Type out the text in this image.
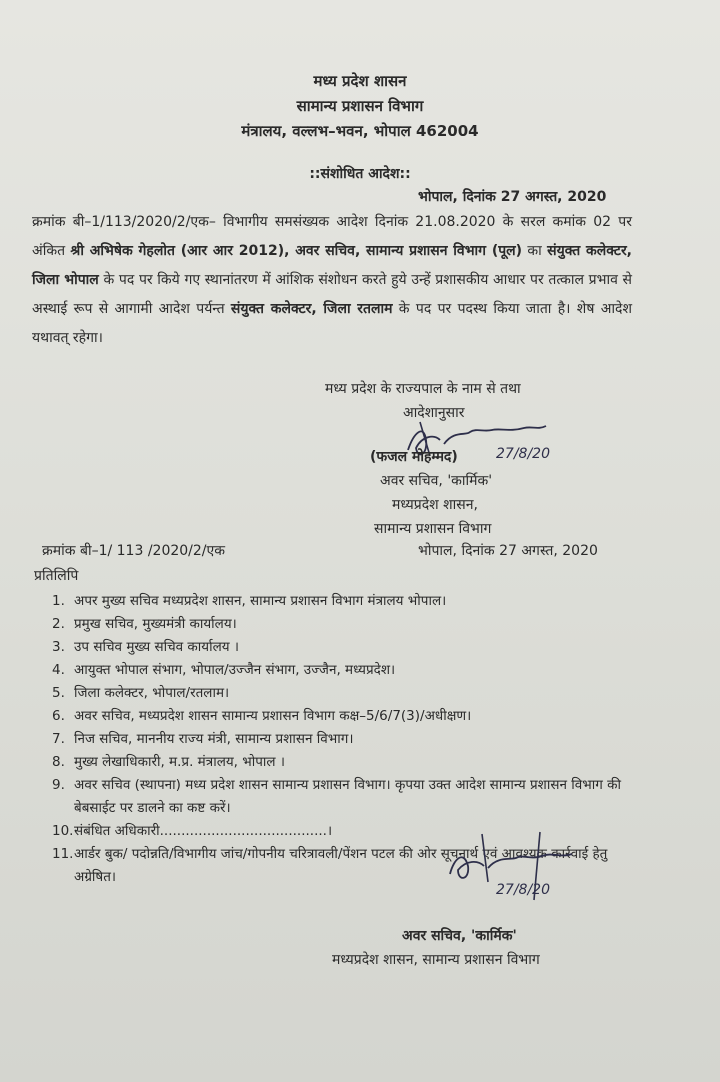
मध्य प्रदेश शासन
सामान्य प्रशासन विभाग
मंत्रालय, वल्लभ–भवन, भोपाल 462004
::संशोधित आदेश::
भोपाल, दिनांक 27 अगस्त, 2020
क्रमांक बी–1/113/2020/2/एक– विभागीय समसंख्यक आदेश दिनांक 21.08.2020 के सरल कमांक 02 पर अंकित श्री अभिषेक गेहलोत (आर आर 2012), अवर सचिव, सामान्य प्रशासन विभाग (पूल) का संयुक्त कलेक्टर, जिला भोपाल के पद पर किये गए स्थानांतरण में आंशिक संशोधन करते हुये उन्हें प्रशासकीय आधार पर तत्काल प्रभाव से अस्थाई रूप से आगामी आदेश पर्यन्त संयुक्त कलेक्टर, जिला रतलाम के पद पर पदस्थ किया जाता है। शेष आदेश यथावत् रहेगा।
मध्य प्रदेश के राज्यपाल के नाम से तथा
आदेशानुसार
27/8/20
(फजल मोहम्मद)
अवर सचिव, 'कार्मिक'
मध्यप्रदेश शासन,
सामान्य प्रशासन विभाग
क्रमांक बी–1/ 113 /2020/2/एक	भोपाल, दिनांक 27 अगस्त, 2020
प्रतिलिपि
1. अपर मुख्य सचिव मध्यप्रदेश शासन, सामान्य प्रशासन विभाग मंत्रालय भोपाल।
2. प्रमुख सचिव, मुख्यमंत्री कार्यालय।
3. उप सचिव मुख्य सचिव कार्यालय ।
4. आयुक्त भोपाल संभाग, भोपाल/उज्जैन संभाग, उज्जैन, मध्यप्रदेश।
5. जिला कलेक्टर, भोपाल/रतलाम।
6. अवर सचिव, मध्यप्रदेश शासन सामान्य प्रशासन विभाग कक्ष–5/6/7(3)/अधीक्षण।
7. निज सचिव, माननीय राज्य मंत्री, सामान्य प्रशासन विभाग।
8. मुख्य लेखाधिकारी, म.प्र. मंत्रालय, भोपाल ।
9. अवर सचिव (स्थापना) मध्य प्रदेश शासन सामान्य प्रशासन विभाग। कृपया उक्त आदेश सामान्य प्रशासन विभाग की बेबसाईट पर डालने का कष्ट करें।
10. संबंधित अधिकारी.......................................।
11. आर्डर बुक/ पदोन्नति/विभागीय जांच/गोपनीय चरित्रावली/पेंशन पटल की ओर सूचनार्थ एवं आवश्यक कार्रवाई हेतु अग्रेषित।
27/8/20
अवर सचिव, 'कार्मिक'
मध्यप्रदेश शासन, सामान्य प्रशासन विभाग
